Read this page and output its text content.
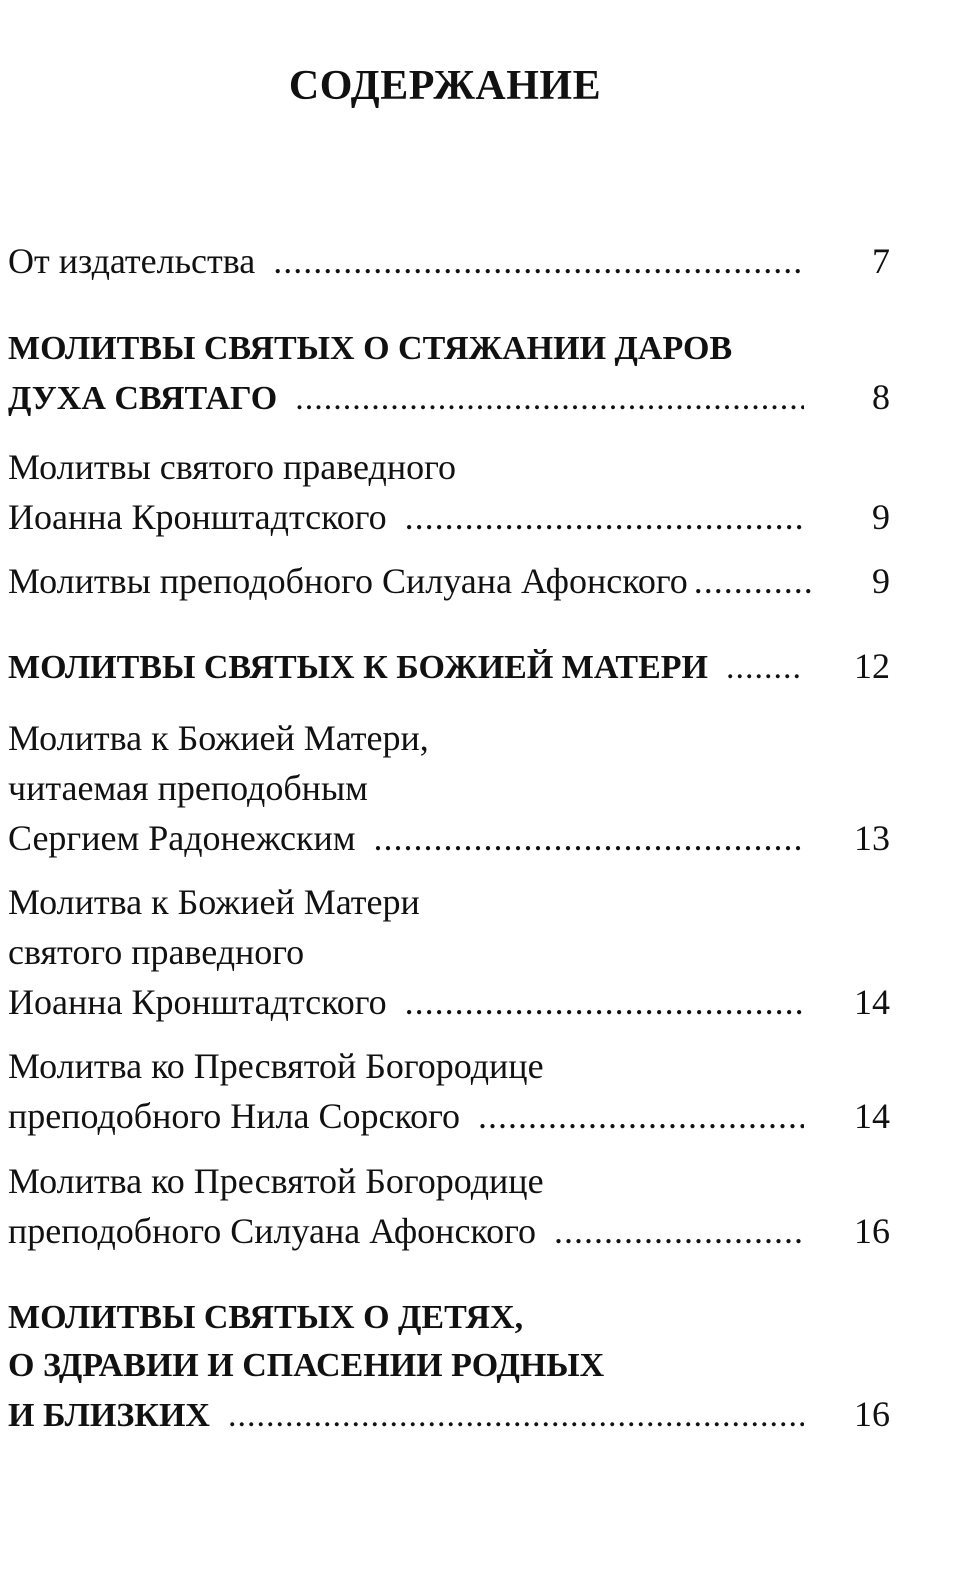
СОДЕРЖАНИЕ
От издательства .....	7
МОЛИТВЫ СВЯТЫХ О СТЯЖАНИИ ДАРОВ
ДУХА СВЯТАГО .....	8
Молитвы святого праведного
Иоанна Кронштадтского .....	9
Молитвы преподобного Силуана Афонского .....	9
МОЛИТВЫ СВЯТЫХ К БОЖИЕЙ МАТЕРИ .....	12
Молитва к Божией Матери,
читаемая преподобным
Сергием Радонежским .....	13
Молитва к Божией Матери
святого праведного
Иоанна Кронштадтского .....	14
Молитва ко Пресвятой Богородице
преподобного Нила Сорского .....	14
Молитва ко Пресвятой Богородице
преподобного Силуана Афонского .....	16
МОЛИТВЫ СВЯТЫХ О ДЕТЯХ,
О ЗДРАВИИ И СПАСЕНИИ РОДНЫХ
И БЛИЗКИХ .....	16
